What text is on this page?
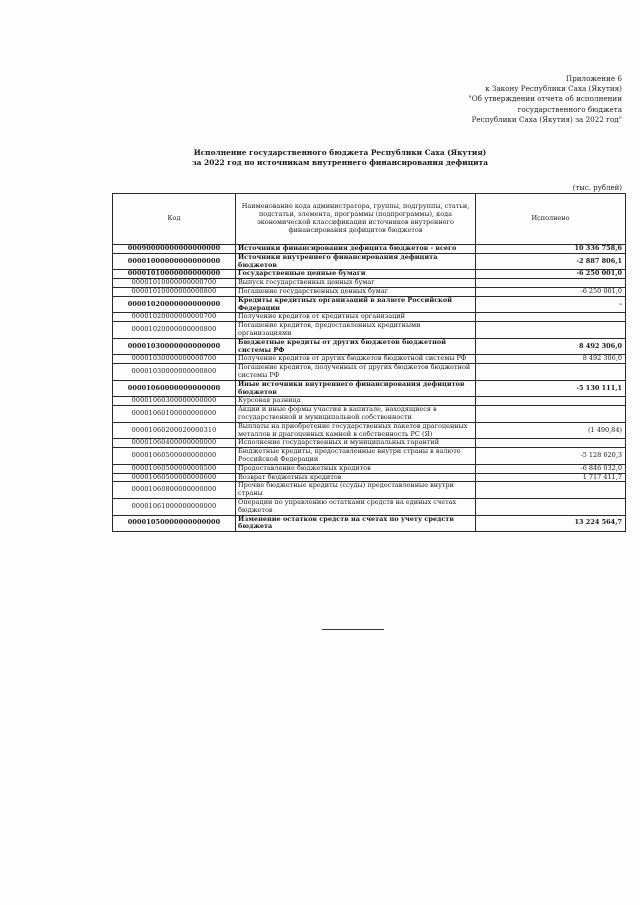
Приложение 6
к Закону Республики Саха (Якутия)
"Об утверждении отчета об исполнении
государственного бюджета
Республики Саха (Якутия) за 2022 год"
Исполнение государственного бюджета Республики Саха (Якутия)
за 2022 год по источникам внутреннего финансирования дефицита
(тыс. рублей)
Код	Наименование кода администратора, группы, подгруппы, статьи, подстатьи, элемента, программы (подпрограммы), кода экономической классификации источников внутреннего финансирования дефицитов бюджетов	Исполнено
00090000000000000000	Источники финансирования дефицита бюджетов - всего	10 336 758,6
00001000000000000000	Источники внутреннего финансирования дефицита бюджетов	-2 887 806,1
00001010000000000000	Государственные ценные бумаги	-6 250 001,0
00001010000000000700	Выпуск государственных ценных бумаг	
00001010000000000800	Погашение государственных ценных бумаг	-6 250 001,0
00001020000000000000	Кредиты кредитных организаций в валюте Российской Федерации	-
00001020000000000700	Получение кредитов от кредитных организаций	
00001020000000000800	Погашение кредитов, предоставленных кредитными организациями	
00001030000000000000	Бюджетные кредиты от других бюджетов бюджетной системы РФ	8 492 306,0
00001030000000000700	Получение кредитов от других бюджетов бюджетной системы РФ	8 492 306,0
00001030000000000800	Погашение кредитов, полученных от других бюджетов бюджетной системы РФ	
00001060000000000000	Иные источники внутреннего финансирования дефицитов бюджетов	-5 130 111,1
00001060300000000000	Курсовая разница	
00001060100000000000	Акции и иные формы участия в капитале, находящиеся в государственной и муниципальной собственности	
00001060200020000310	Выплаты на приобретение государственных пакетов драгоценных металлов и драгоценных камней в собственность РС (Я)	(1 490,84)
00001060400000000000	Исполнение государственных и муниципальных гарантий	
00001060500000000000	Бюджетные кредиты, предоставленные внутри страны в валюте Российской Федерации	-5 128 620,3
00001060500000000500	Предоставление бюджетных кредитов	-6 846 032,0
00001060500000000600	Возврат бюджетных кредитов	1 717 411,7
00001060800000000000	Прочие бюджетные кредиты (ссуды) предоставленные внутри страны	
00001061000000000000	Операции по управлению остатками средств на единых счетах бюджетов	
00001050000000000000	Изменение остатков средств на счетах по учету средств бюджета	13 224 564,7
